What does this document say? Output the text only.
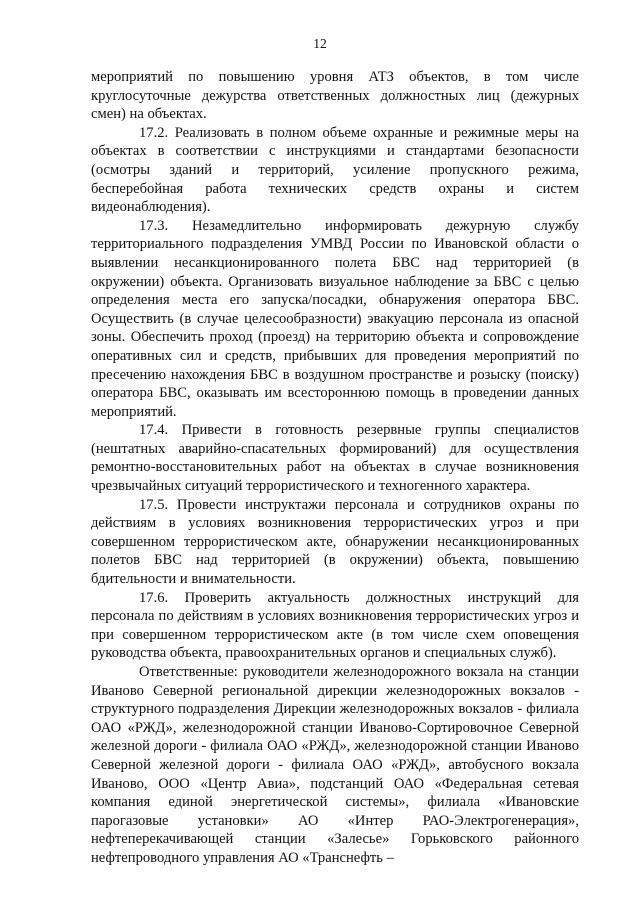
12

мероприятий по повышению уровня АТЗ объектов, в том числе круглосуточные дежурства ответственных должностных лиц (дежурных смен) на объектах.

17.2. Реализовать в полном объеме охранные и режимные меры на объектах в соответствии с инструкциями и стандартами безопасности (осмотры зданий и территорий, усиление пропускного режима, бесперебойная работа технических средств охраны и систем видеонаблюдения).

17.3. Незамедлительно информировать дежурную службу территориального подразделения УМВД России по Ивановской области о выявлении несанкционированного полета БВС над территорией (в окружении) объекта. Организовать визуальное наблюдение за БВС с целью определения места его запуска/посадки, обнаружения оператора БВС. Осуществить (в случае целесообразности) эвакуацию персонала из опасной зоны. Обеспечить проход (проезд) на территорию объекта и сопровождение оперативных сил и средств, прибывших для проведения мероприятий по пресечению нахождения БВС в воздушном пространстве и розыску (поиску) оператора БВС, оказывать им всестороннюю помощь в проведении данных мероприятий.

17.4. Привести в готовность резервные группы специалистов (нештатных аварийно-спасательных формирований) для осуществления ремонтно-восстановительных работ на объектах в случае возникновения чрезвычайных ситуаций террористического и техногенного характера.

17.5. Провести инструктажи персонала и сотрудников охраны по действиям в условиях возникновения террористических угроз и при совершенном террористическом акте, обнаружении несанкционированных полетов БВС над территорией (в окружении) объекта, повышению бдительности и внимательности.

17.6. Проверить актуальность должностных инструкций для персонала по действиям в условиях возникновения террористических угроз и при совершенном террористическом акте (в том числе схем оповещения руководства объекта, правоохранительных органов и специальных служб).

Ответственные: руководители железнодорожного вокзала на станции Иваново Северной региональной дирекции железнодорожных вокзалов - структурного подразделения Дирекции железнодорожных вокзалов - филиала ОАО «РЖД», железнодорожной станции Иваново-Сортировочное Северной железной дороги - филиала ОАО «РЖД», железнодорожной станции Иваново Северной железной дороги - филиала ОАО «РЖД», автобусного вокзала Иваново, ООО «Центр Авиа», подстанций ОАО «Федеральная сетевая компания единой энергетической системы», филиала «Ивановские парогазовые установки» АО «Интер РАО-Электрогенерация», нефтеперекачивающей станции «Залесье» Горьковского районного нефтепроводного управления АО «Транснефть –
